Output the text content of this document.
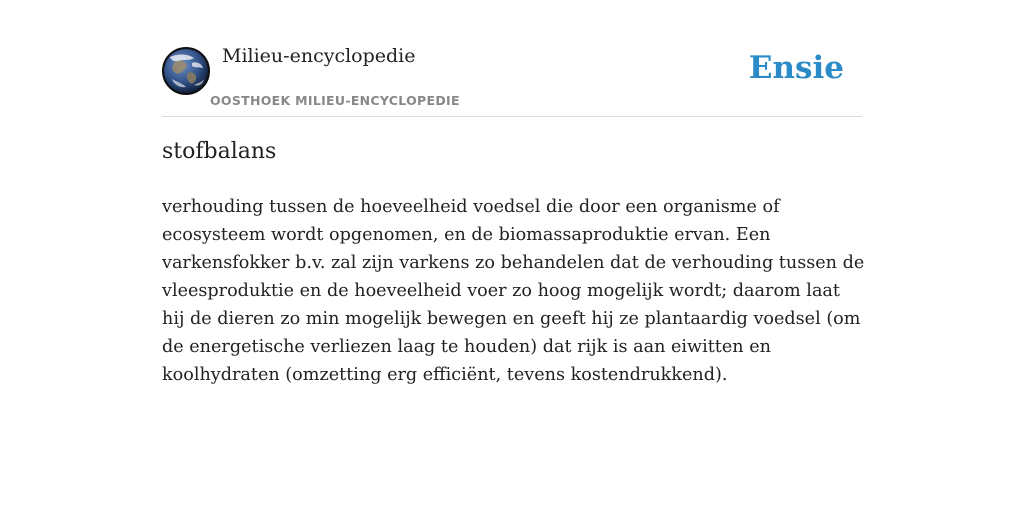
Milieu-encyclopedie
OOSTHOEK MILIEU-ENCYCLOPEDIE
Ensie
stofbalans

verhouding tussen de hoeveelheid voedsel die door een organisme of ecosysteem wordt opgenomen, en de biomassaproduktie ervan. Een varkensfokker b.v. zal zijn varkens zo behandelen dat de verhouding tussen de vleesproduktie en de hoeveelheid voer zo hoog mogelijk wordt; daarom laat hij de dieren zo min mogelijk bewegen en geeft hij ze plantaardig voedsel (om de energetische verliezen laag te houden) dat rijk is aan eiwitten en koolhydraten (omzetting erg efficiënt, tevens kostendrukkend).
